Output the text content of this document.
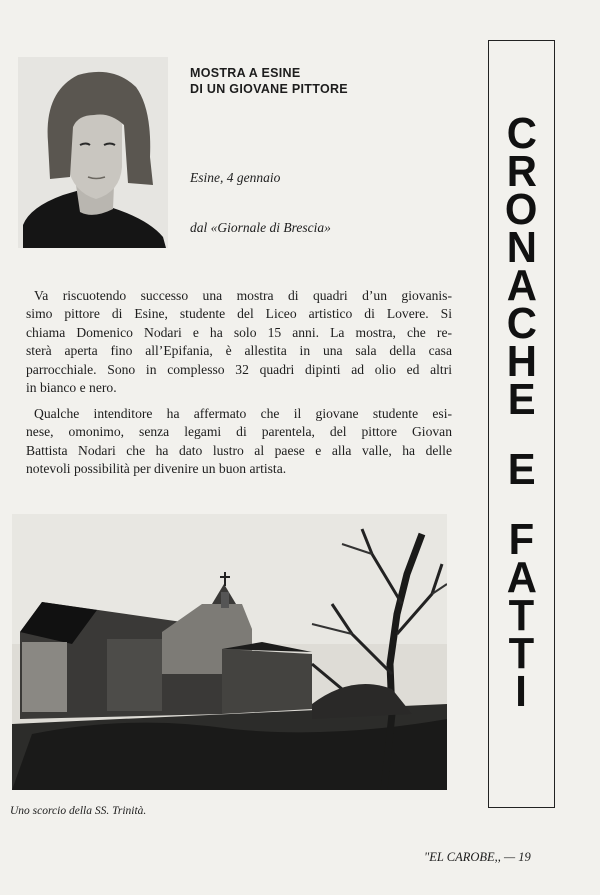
MOSTRA A ESINE
DI UN GIOVANE PITTORE
Esine, 4 gennaio
dal «Giornale di Brescia»
Va riscuotendo successo una mostra di quadri d’un giovanis-
simo pittore di Esine, studente del Liceo artistico di Lovere. Si
chiama Domenico Nodari e ha solo 15 anni. La mostra, che re-
sterà aperta fino all’Epifania, è allestita in una sala della casa
parrocchiale. Sono in complesso 32 quadri dipinti ad olio ed altri
in bianco e nero.
Qualche intenditore ha affermato che il giovane studente esi-
nese, omonimo, senza legami di parentela, del pittore Giovan
Battista Nodari che ha dato lustro al paese e alla valle, ha delle
notevoli possibilità per divenire un buon artista.
Uno scorcio della SS. Trinità.
C
R
O
N
A
C
H
E
E
F
A
T
T
I
"EL CAROBE,, — 19
